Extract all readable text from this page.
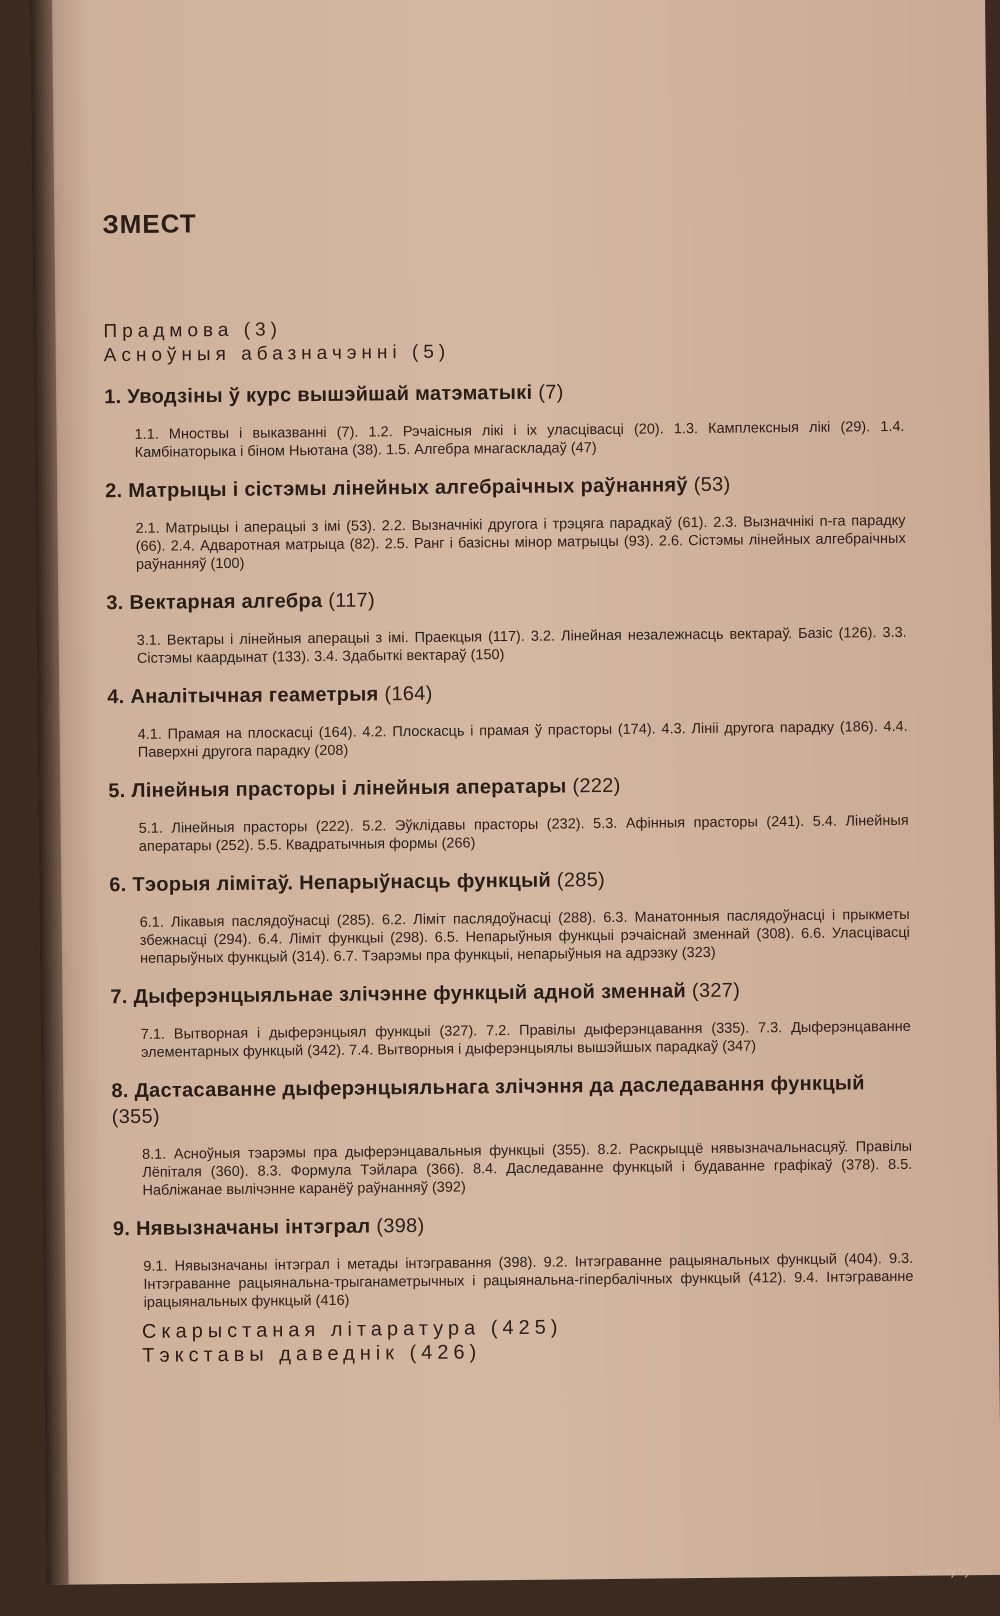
ЗМЕСТ

Прадмова (3)

Асноўныя абазначэнні (5)

1. Уводзіны ў курс вышэйшай матэматыкі (7)

1.1. Мноствы і выказванні (7). 1.2. Рэчаісныя лікі і іх уласцівасці (20). 1.3. Камплексныя лікі (29). 1.4. Камбінаторыка і бiном Ньютана (38). 1.5. Алгебра мнагаскладаў (47)

2. Матрыцы і сістэмы лінейных алгебраічных раўнанняў (53)

2.1. Матрыцы і аперацыі з імі (53). 2.2. Вызначнікі другога і трэцяга парадкаў (61). 2.3. Вызначнікі n-га парадку (66). 2.4. Адваротная матрыца (82). 2.5. Ранг і базісны мінор матрыцы (93). 2.6. Сістэмы лінейных алгебраічных раўнанняў (100)

3. Вектарная алгебра (117)

3.1. Вектары і лінейныя аперацыі з імі. Праекцыя (117). 3.2. Лінейная незалежнасць вектараў. Базіс (126). 3.3. Сістэмы каардынат (133). 3.4. Здабыткі вектараў (150)

4. Аналітычная геаметрыя (164)

4.1. Прамая на плоскасці (164). 4.2. Плоскасць і прамая ў прасторы (174). 4.3. Лініі другога парадку (186). 4.4. Паверхні другога парадку (208)

5. Лінейныя прасторы і лінейныя аператары (222)

5.1. Лінейныя прасторы (222). 5.2. Эўклідавы прасторы (232). 5.3. Афінныя прасторы (241). 5.4. Лінейныя аператары (252). 5.5. Квадратычныя формы (266)

6. Тэорыя лімітаў. Непарыўнасць функцый (285)

6.1. Лікавыя паслядоўнасці (285). 6.2. Ліміт паслядоўнасці (288). 6.3. Манатонныя паслядоўнасці і прыкметы збежнасці (294). 6.4. Ліміт функцыі (298). 6.5. Непарыўныя функцыі рэчаіснай зменнай (308). 6.6. Уласцівасці непарыўных функцый (314). 6.7. Тэарэмы пра функцыі, непарыўныя на адрэзку (323)

7. Дыферэнцыяльнае злічэнне функцый адной зменнай (327)

7.1. Вытворная і дыферэнцыял функцыі (327). 7.2. Правілы дыферэнцавання (335). 7.3. Дыферэнцаванне элементарных функцый (342). 7.4. Вытворныя і дыферэнцыялы вышэйшых парадкаў (347)

8. Дастасаванне дыферэнцыяльнага злічэння да даследавання функцый (355)

8.1. Асноўныя тэарэмы пра дыферэнцавальныя функцыі (355). 8.2. Раскрыццё нявызначальнасцяў. Правілы Лёпіталя (360). 8.3. Формула Тэйлара (366). 8.4. Даследаванне функцый і будаванне графікаў (378). 8.5. Набліжанае вылічэнне каранёў раўнанняў (392)

9. Нявызначаны інтэграл (398)

9.1. Нявызначаны інтэграл і метады інтэгравання (398). 9.2. Інтэграванне рацыянальных функцый (404). 9.3. Інтэграванне рацыянальна-трыганаметрычных і рацыянальна-гіпербалічных функцый (412). 9.4. Інтэграванне ірацыянальных функцый (416)

Скарыстаная літаратура (425)

Тэкставы даведнік (426)

www.ay.by
